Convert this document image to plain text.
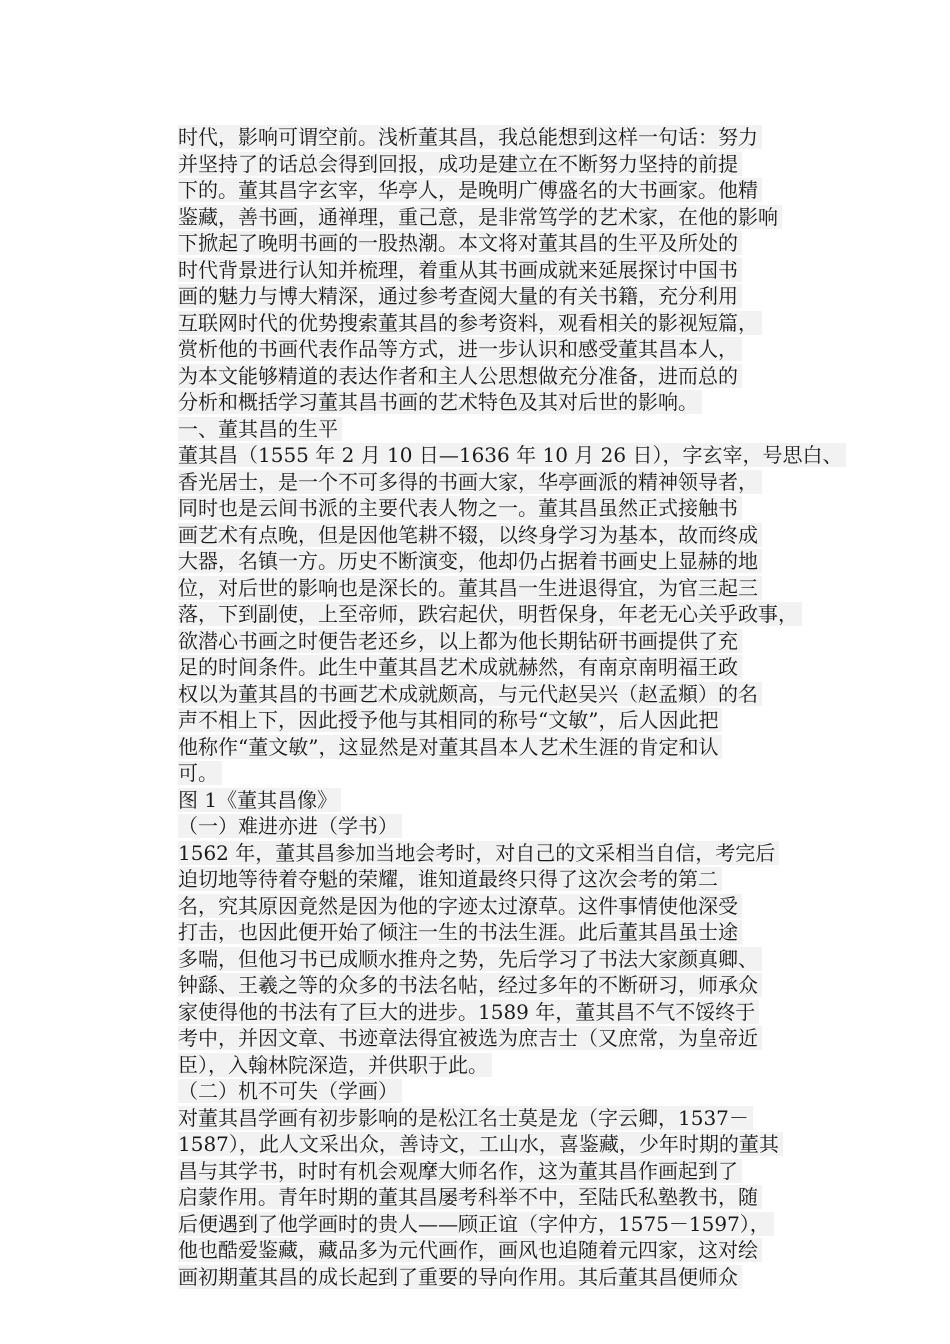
时代，影响可谓空前。浅析董其昌，我总能想到这样一句话：努力
并坚持了的话总会得到回报，成功是建立在不断努力坚持的前提
下的。董其昌字玄宰，华亭人，是晚明广傅盛名的大书画家。他精
鉴藏，善书画，通禅理，重己意，是非常笃学的艺术家，在他的影响
下掀起了晚明书画的一股热潮。本文将对董其昌的生平及所处的
时代背景进行认知并梳理，着重从其书画成就来延展探讨中国书
画的魅力与博大精深，通过参考查阅大量的有关书籍，充分利用
互联网时代的优势搜索董其昌的参考资料，观看相关的影视短篇，
赏析他的书画代表作品等方式，进一步认识和感受董其昌本人，
为本文能够精道的表达作者和主人公思想做充分准备，进而总的
分析和概括学习董其昌书画的艺术特色及其对后世的影响。
一、董其昌的生平
董其昌（1555 年 2 月 10 日—1636 年 10 月 26 日），字玄宰，号思白、
香光居士，是一个不可多得的书画大家，华亭画派的精神领导者，
同时也是云间书派的主要代表人物之一。董其昌虽然正式接触书
画艺术有点晚，但是因他笔耕不辍，以终身学习为基本，故而终成
大器，名镇一方。历史不断演变，他却仍占据着书画史上显赫的地
位，对后世的影响也是深长的。董其昌一生进退得宜，为官三起三
落，下到副使，上至帝师，跌宕起伏，明哲保身，年老无心关乎政事，
欲潜心书画之时便告老还乡，以上都为他长期钻研书画提供了充
足的时间条件。此生中董其昌艺术成就赫然，有南京南明福王政
权以为董其昌的书画艺术成就颇高，与元代赵吴兴（赵孟頫）的名
声不相上下，因此授予他与其相同的称号“文敏”，后人因此把
他称作“董文敏”，这显然是对董其昌本人艺术生涯的肯定和认
可。
图 1《董其昌像》
（一）难进亦进（学书）
1562 年，董其昌参加当地会考时，对自己的文采相当自信，考完后
迫切地等待着夺魁的荣耀，谁知道最终只得了这次会考的第二
名，究其原因竟然是因为他的字迹太过潦草。这件事情使他深受
打击，也因此便开始了倾注一生的书法生涯。此后董其昌虽士途
多喘，但他习书已成顺水推舟之势，先后学习了书法大家颜真卿、
钟繇、王羲之等的众多的书法名帖，经过多年的不断研习，师承众
家使得他的书法有了巨大的进步。1589 年，董其昌不气不馁终于
考中，并因文章、书迹章法得宜被选为庶吉士（又庶常，为皇帝近
臣），入翰林院深造，并供职于此。
（二）机不可失（学画）
对董其昌学画有初步影响的是松江名士莫是龙（字云卿，1537－
1587），此人文采出众，善诗文，工山水，喜鉴藏，少年时期的董其
昌与其学书，时时有机会观摩大师名作，这为董其昌作画起到了
启蒙作用。青年时期的董其昌屡考科举不中，至陆氏私塾教书，随
后便遇到了他学画时的贵人——顾正谊（字仲方，1575－1597），
他也酷爱鉴藏，藏品多为元代画作，画风也追随着元四家，这对绘
画初期董其昌的成长起到了重要的导向作用。其后董其昌便师众
